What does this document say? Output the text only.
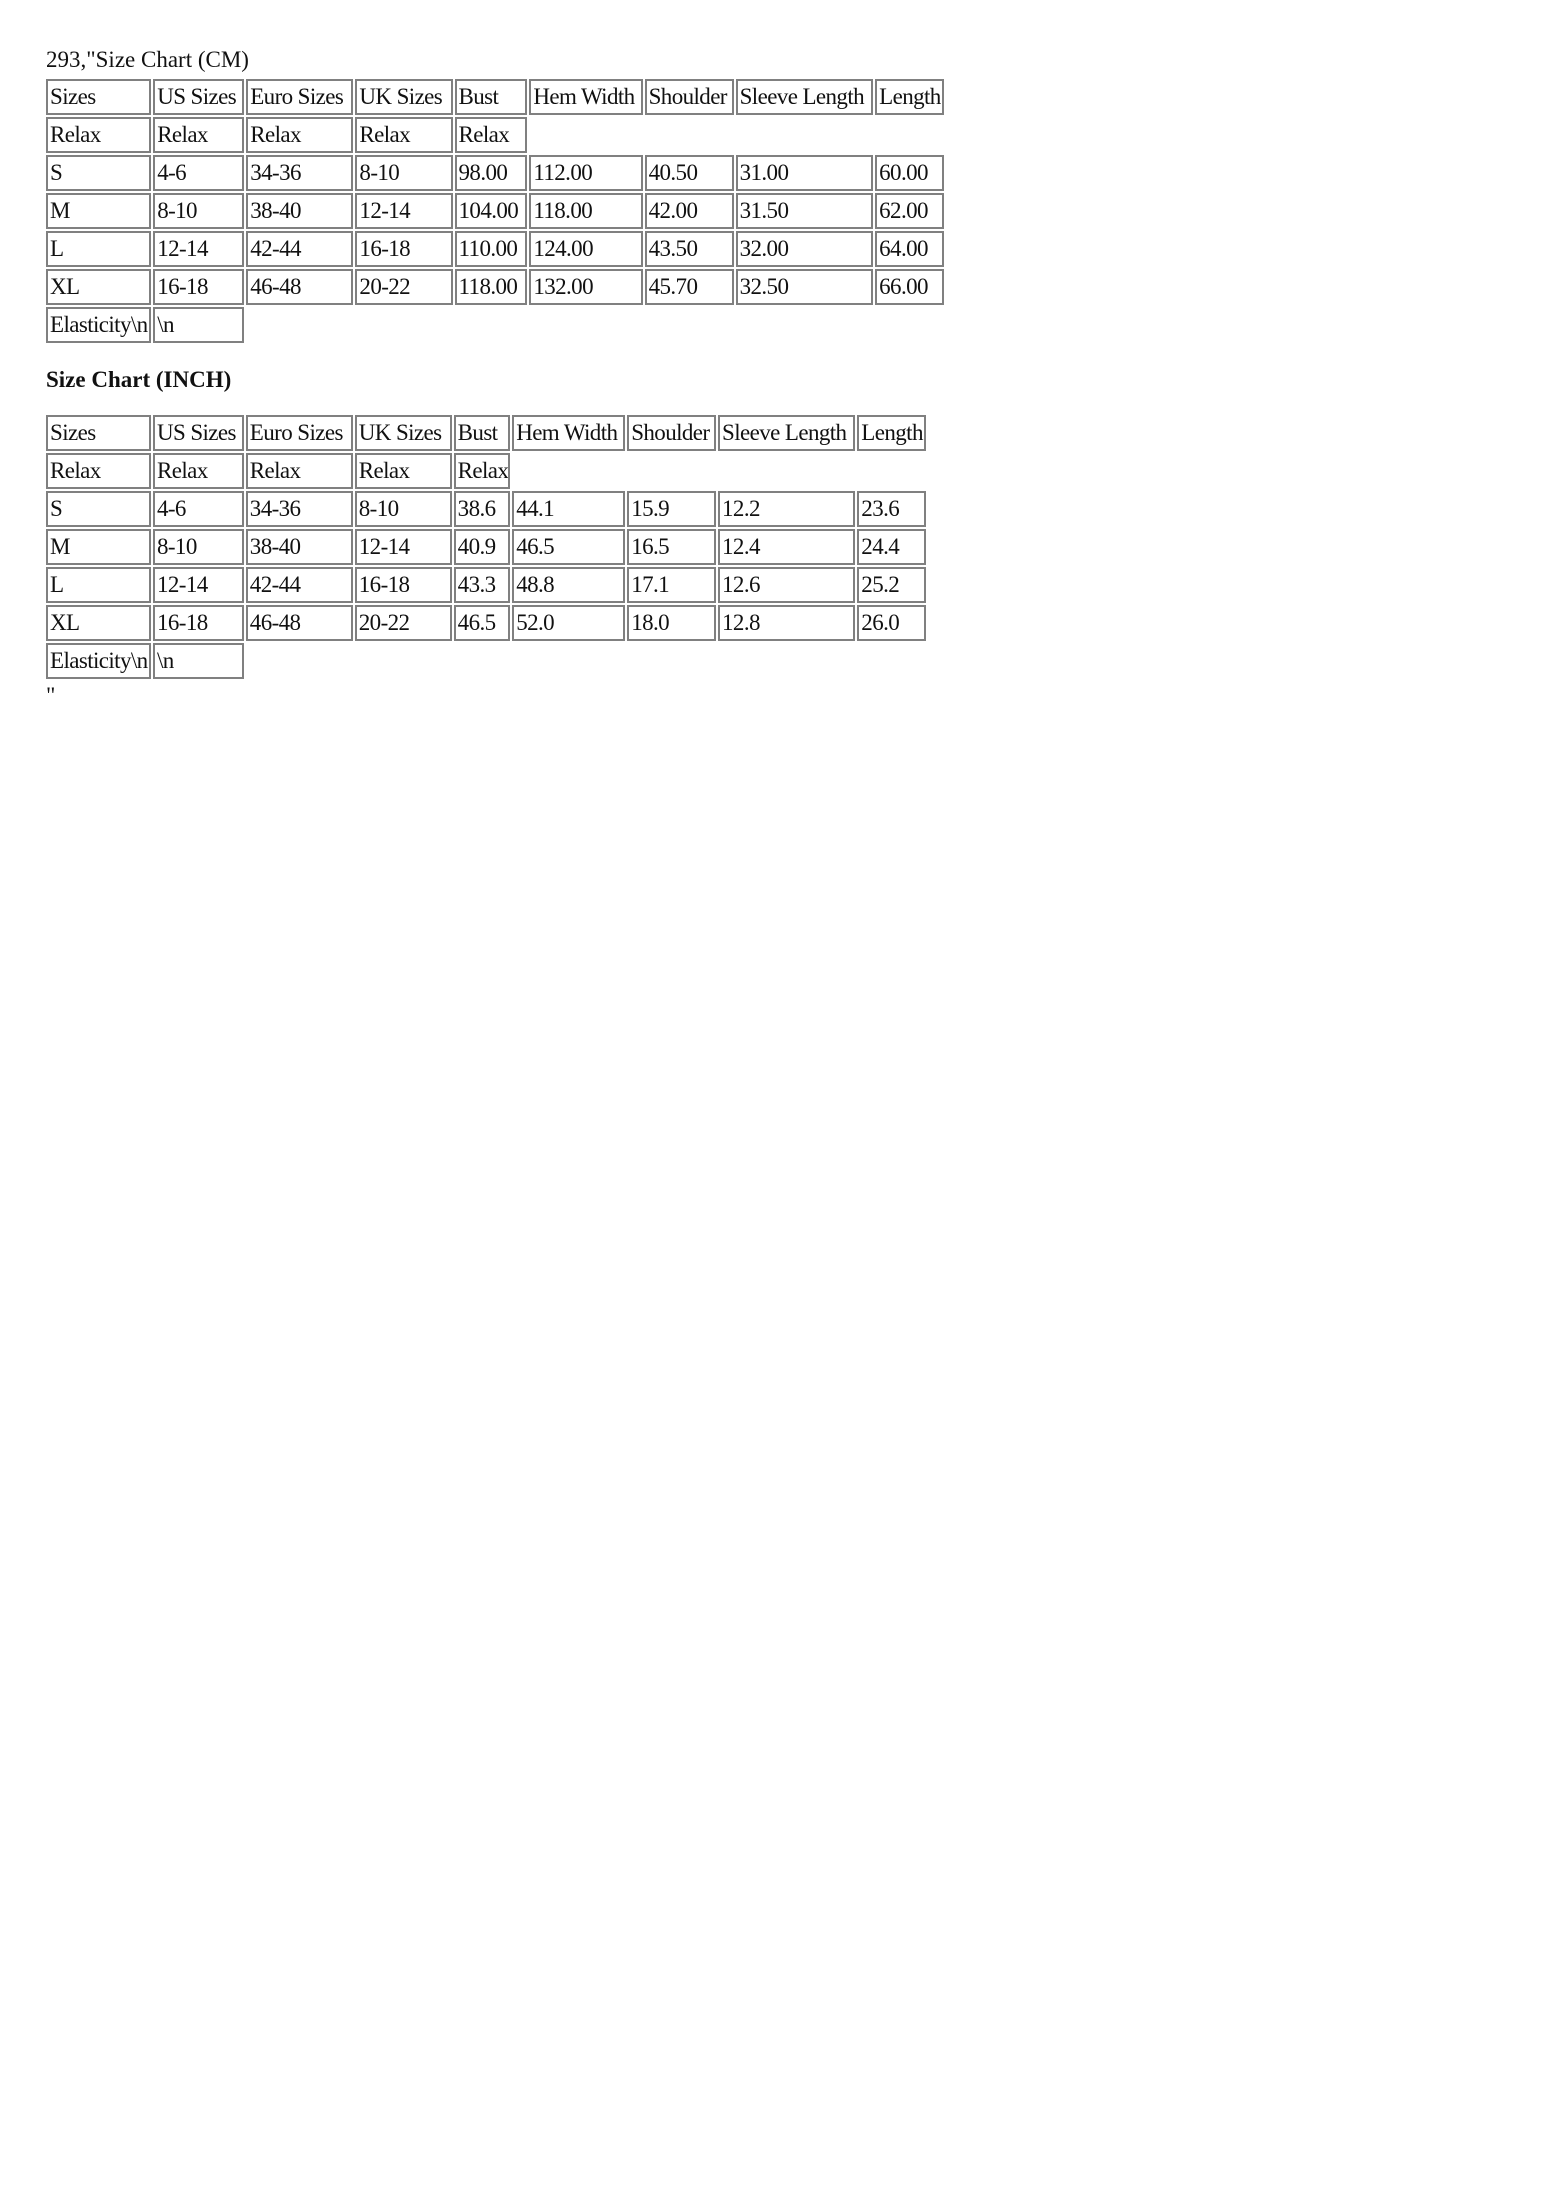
293,"Size Chart (CM)
Sizes	US Sizes	Euro Sizes	UK Sizes	Bust	Hem Width	Shoulder	Sleeve Length	Length
Relax	Relax	Relax	Relax	Relax				
S	4-6	34-36	8-10	98.00	112.00	40.50	31.00	60.00
M	8-10	38-40	12-14	104.00	118.00	42.00	31.50	62.00
L	12-14	42-44	16-18	110.00	124.00	43.50	32.00	64.00
XL	16-18	46-48	20-22	118.00	132.00	45.70	32.50	66.00
Elasticity\n	\n							
Size Chart (INCH)
Sizes	US Sizes	Euro Sizes	UK Sizes	Bust	Hem Width	Shoulder	Sleeve Length	Length
Relax	Relax	Relax	Relax	Relax				
S	4-6	34-36	8-10	38.6	44.1	15.9	12.2	23.6
M	8-10	38-40	12-14	40.9	46.5	16.5	12.4	24.4
L	12-14	42-44	16-18	43.3	48.8	17.1	12.6	25.2
XL	16-18	46-48	20-22	46.5	52.0	18.0	12.8	26.0
Elasticity\n	\n							
"
